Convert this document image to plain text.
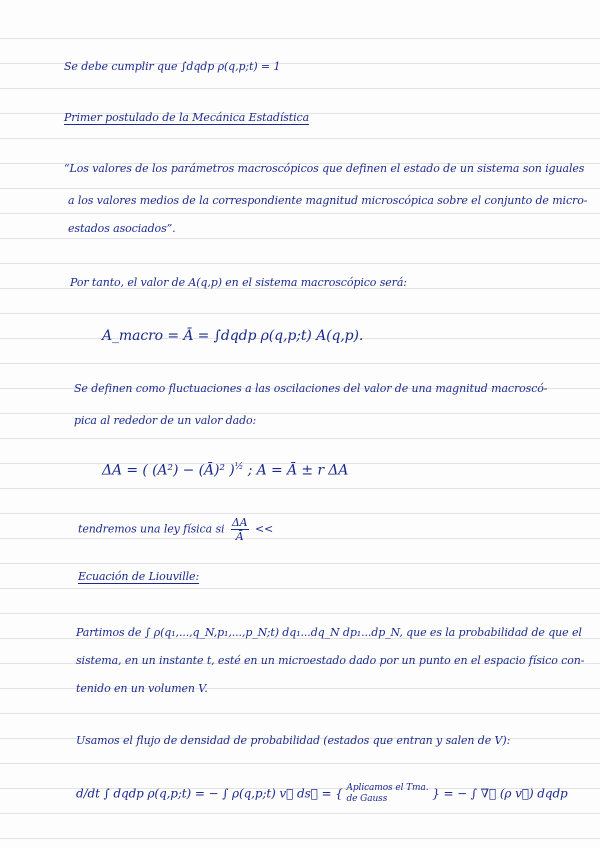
Se debe cumplir que ∫dqdp ρ(q,p;t) = 1
Primer postulado de la Mecánica Estadística
“Los valores de los parámetros macroscópicos que definen el estado de un sistema son iguales
a los valores medios de la correspondiente magnitud microscópica sobre el conjunto de micro-
estados asociados”.
Por tanto, el valor de A(q,p) en el sistema macroscópico será:
A_macro = Ā = ∫dqdp ρ(q,p;t) A(q,p).
Se definen como fluctuaciones a las oscilaciones del valor de una magnitud macroscó-
pica al rededor de un valor dado:
ΔA = ( (A²) − (Ā)² )$^{\frac{1}{2}}$ ; A = Ā ± r ΔA
tendremos una ley física si $\frac{\Delta A}{Ā}$ <<
Ecuación de Liouville:
Partimos de ∫ ρ(q₁,...,q_N,p₁,...,p_N;t) dq₁...dq_N dp₁...dp_N, que es la probabilidad de que el
sistema, en un instante t, esté en un microestado dado por un punto en el espacio físico con-
tenido en un volumen V.
Usamos el flujo de densidad de probabilidad (estados que entran y salen de V):
d/dt ∫ dqdp ρ(q,p;t) = − ∫ ρ(q,p;t) v⃗ ds⃗ = { Aplicamos el Tma.
de Gauss	} = − ∫ ∇⃗ (ρ v⃗) dqdp
